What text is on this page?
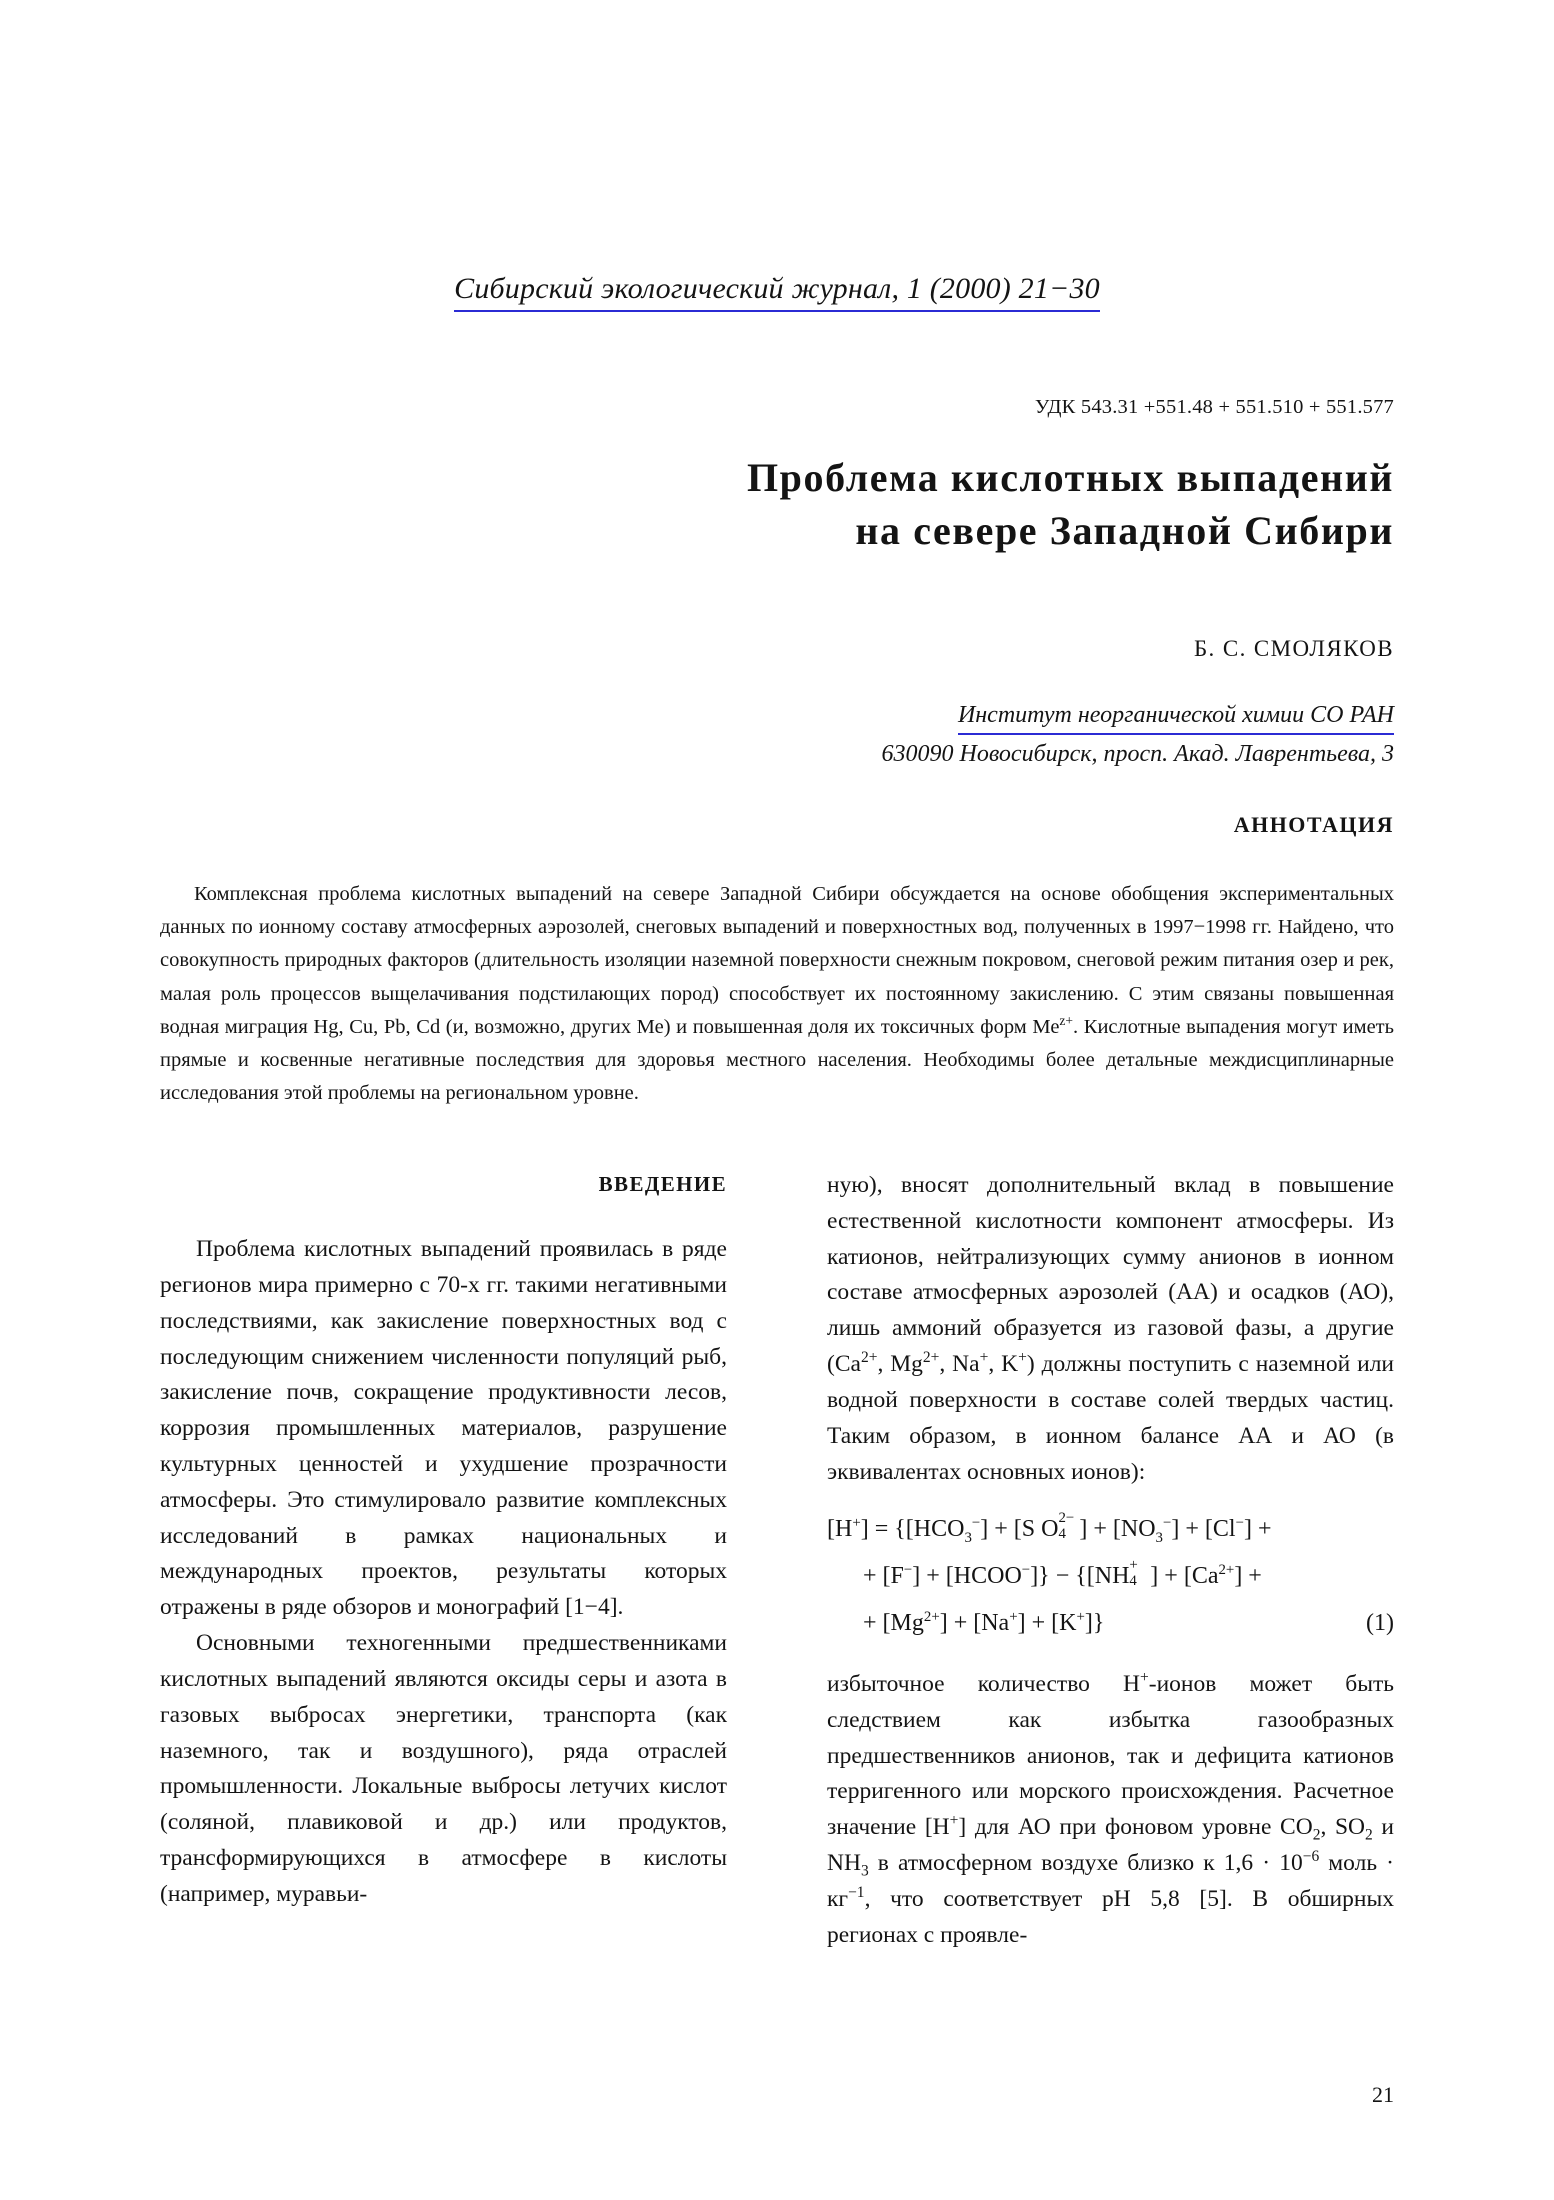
Сибирский экологический журнал, 1 (2000) 21−30
УДК 543.31 +551.48 + 551.510 + 551.577
Проблема кислотных выпадений
на севере Западной Сибири
Б. С. СМОЛЯКОВ
Институт неорганической химии СО РАН
630090 Новосибирск, просп. Акад. Лаврентьева, 3
АННОТАЦИЯ
Комплексная проблема кислотных выпадений на севере Западной Сибири обсуждается на основе обобщения экспериментальных данных по ионному составу атмосферных аэрозолей, снеговых выпадений и поверхностных вод, полученных в 1997−1998 гг. Найдено, что совокупность природных факторов (длительность изоляции наземной поверхности снежным покровом, снеговой режим питания озер и рек, малая роль процессов выщелачивания подстилающих пород) способствует их постоянному закислению. С этим связаны повышенная водная миграция Hg, Cu, Pb, Cd (и, возможно, других Ме) и повышенная доля их токсичных форм $Ме^{z+}$. Кислотные выпадения могут иметь прямые и косвенные негативные последствия для здоровья местного населения. Необходимы более детальные междисциплинарные исследования этой проблемы на региональном уровне.
ВВЕДЕНИЕ

Проблема кислотных выпадений проявилась в ряде регионов мира примерно с 70-х гг. такими негативными последствиями, как закисление поверхностных вод с последующим снижением численности популяций рыб, закисление почв, сокращение продуктивности лесов, коррозия промышленных материалов, разрушение культурных ценностей и ухудшение прозрачности атмосферы. Это стимулировало развитие комплексных исследований в рамках национальных и международных проектов, результаты которых отражены в ряде обзоров и монографий [1−4].

Основными техногенными предшественниками кислотных выпадений являются оксиды серы и азота в газовых выбросах энергетики, транспорта (как наземного, так и воздушного), ряда отраслей промышленности. Локальные выбросы летучих кислот (соляной, плавиковой и др.) или продуктов, трансформирующихся в атмосфере в кислоты (например, муравьи-

ную), вносят дополнительный вклад в повышение естественной кислотности компонент атмосферы. Из катионов, нейтрализующих сумму анионов в ионном составе атмосферных аэрозолей (АА) и осадков (АО), лишь аммоний образуется из газовой фазы, а другие ($Ca^{2+}$, $Mg^{2+}$, Na+, K+) должны поступить с наземной или водной поверхности в составе солей твердых частиц. Таким образом, в ионном балансе АА и АО (в эквивалентах основных ионов):

$[H^+] = \{[HCO_3^-] + [S$ O 2−
4 ] + $[NO_3^-] + [Cl^-]$ +
+ [F−] + [HCOO−]} − {[NH +
4 ] + $[Ca^{2+}]$ +
+ $[Mg^{2+}] + [Na^+] + [K^+]$}	(1)

избыточное количество H+-ионов может быть следствием как избытка газообразных предшественников анионов, так и дефицита катионов терригенного или морского происхождения. Расчетное значение [H+] для АО при фоновом уровне $CO_2$, $SO_2$ и $NH_3$ в атмосферном воздухе близко к $1,6 \cdot 10^{-6}$ моль · $кг^{-1}$, что соответствует pH 5,8 [5]. В обширных регионах с проявле-

21
